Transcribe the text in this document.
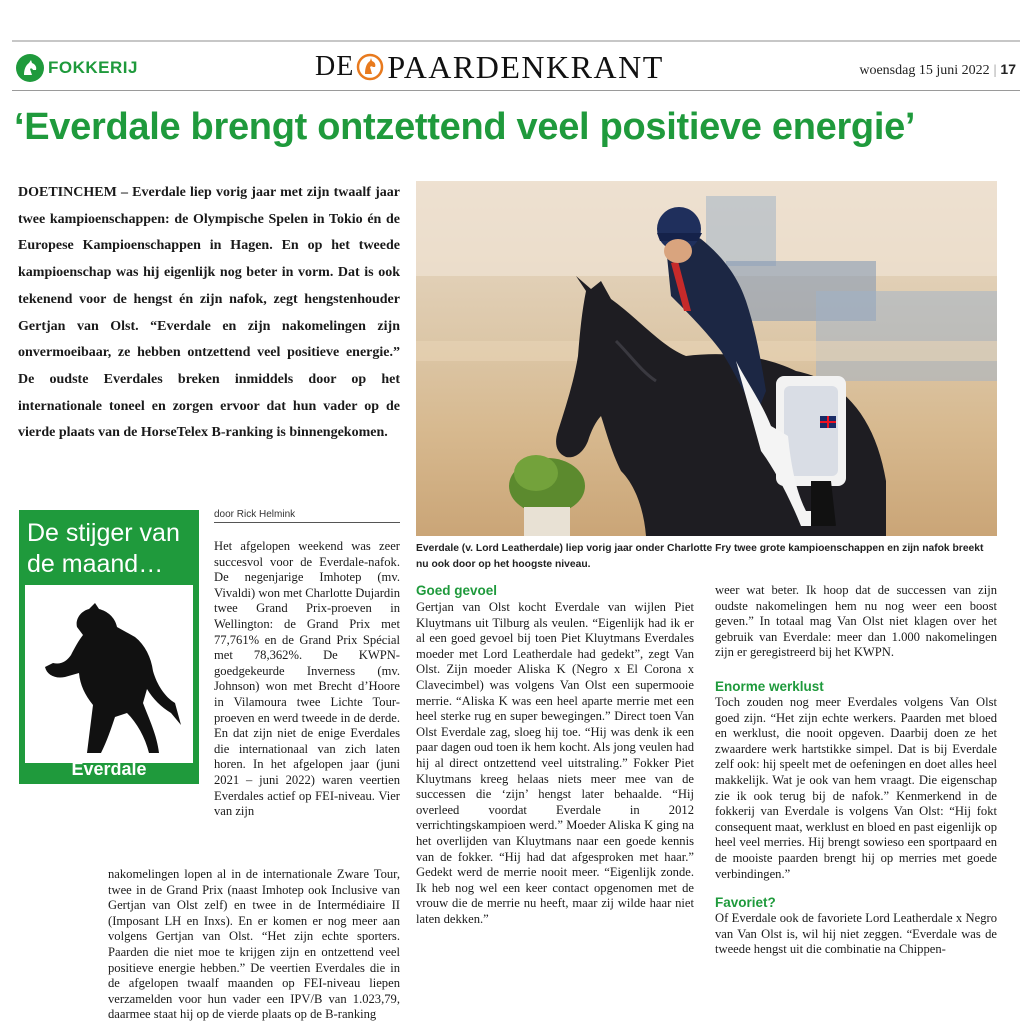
FOKKERIJ	DE PAARDENKRANT	woensdag 15 juni 2022 | 17
‘Everdale brengt ontzettend veel positieve energie’
DOETINCHEM – Everdale liep vorig jaar met zijn twaalf jaar twee kampioenschappen: de Olympische Spelen in Tokio én de Europese Kampioenschappen in Hagen. En op het tweede kampioenschap was hij eigenlijk nog beter in vorm. Dat is ook tekenend voor de hengst én zijn nafok, zegt hengstenhouder Gertjan van Olst. “Everdale en zijn nakomelingen zijn onvermoeibaar, ze hebben ontzettend veel positieve energie.” De oudste Everdales breken inmiddels door op het internationale toneel en zorgen ervoor dat hun vader op de vierde plaats van de HorseTelex B-ranking is binnengekomen.
Everdale (v. Lord Leatherdale) liep vorig jaar onder Charlotte Fry twee grote kampioenschappen en zijn nafok breekt nu ook door op het hoogste niveau.
De stijger van de maand…
Everdale
door Rick Helmink
Het afgelopen weekend was zeer succesvol voor de Everdale-nafok. De negenjarige Imhotep (mv. Vivaldi) won met Charlotte Dujardin twee Grand Prix-proeven in Wellington: de Grand Prix met 77,761% en de Grand Prix Spécial met 78,362%. De KWPN-goedgekeurde Inverness (mv. Johnson) won met Brecht d’Hoore in Vilamoura twee Lichte Tour-proeven en werd tweede in de derde. En dat zijn niet de enige Everdales die internationaal van zich laten horen. In het afgelopen jaar (juni 2021 – juni 2022) waren veertien Everdales actief op FEI-niveau. Vier van zijn
nakomelingen lopen al in de internationale Zware Tour, twee in de Grand Prix (naast Imhotep ook Inclusive van Gertjan van Olst zelf) en twee in de Intermédiaire II (Imposant LH en Inxs). En er komen er nog meer aan volgens Gertjan van Olst. “Het zijn echte sporters. Paarden die niet moe te krijgen zijn en ontzettend veel positieve energie hebben.” De veertien Everdales die in de afgelopen twaalf maanden op FEI-niveau liepen verzamelden voor hun vader een IPV/B van 1.023,79, daarmee staat hij op de vierde plaats op de B-ranking
Goed gevoel
Gertjan van Olst kocht Everdale van wijlen Piet Kluytmans uit Tilburg als veulen. “Eigenlijk had ik er al een goed gevoel bij toen Piet Kluytmans Everdales moeder met Lord Leatherdale had gedekt”, zegt Van Olst. Zijn moeder Aliska K (Negro x El Corona x Clavecimbel) was volgens Van Olst een supermooie merrie. “Aliska K was een heel aparte merrie met een heel sterke rug en super bewegingen.” Direct toen Van Olst Everdale zag, sloeg hij toe. “Hij was denk ik een paar dagen oud toen ik hem kocht. Als jong veulen had hij al direct ontzettend veel uitstraling.” Fokker Piet Kluytmans kreeg helaas niets meer mee van de successen die ‘zijn’ hengst later behaalde. “Hij overleed voordat Everdale in 2012 verrichtingskampioen werd.” Moeder Aliska K ging na het overlijden van Kluytmans naar een goede kennis van de fokker. “Hij had dat afgesproken met haar.” Gedekt werd de merrie nooit meer. “Eigenlijk zonde. Ik heb nog wel een keer contact opgenomen met de vrouw die de merrie nu heeft, maar zij wilde haar niet laten dekken.”
weer wat beter. Ik hoop dat de successen van zijn oudste nakomelingen hem nu nog weer een boost geven.” In totaal mag Van Olst niet klagen over het gebruik van Everdale: meer dan 1.000 nakomelingen zijn er geregistreerd bij het KWPN.
Enorme werklust
Toch zouden nog meer Everdales volgens Van Olst goed zijn. “Het zijn echte werkers. Paarden met bloed en werklust, die nooit opgeven. Daarbij doen ze het zwaardere werk hartstikke simpel. Dat is bij Everdale zelf ook: hij speelt met de oefeningen en doet alles heel makkelijk. Wat je ook van hem vraagt. Die eigenschap zie ik ook terug bij de nafok.” Kenmerkend in de fokkerij van Everdale is volgens Van Olst: “Hij fokt consequent maat, werklust en bloed en past eigenlijk op heel veel merries. Hij brengt sowieso een sportpaard en de mooiste paarden brengt hij op merries met goede verbindingen.”
Favoriet?
Of Everdale ook de favoriete Lord Leatherdale x Negro van Van Olst is, wil hij niet zeggen. “Everdale was de tweede hengst uit die combinatie na Chippen-
